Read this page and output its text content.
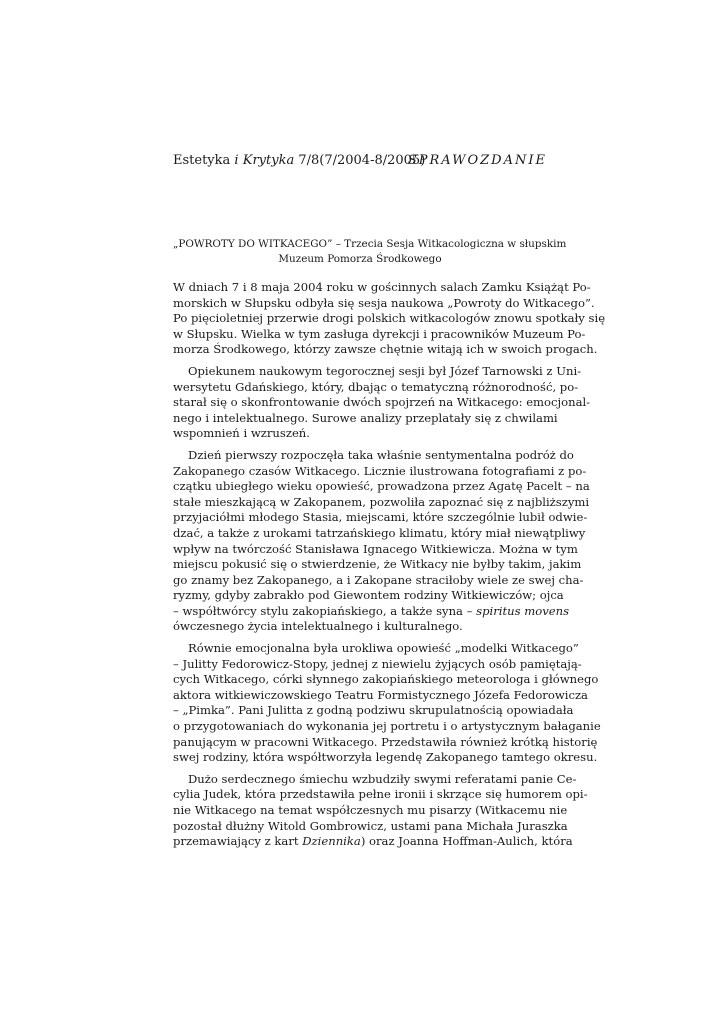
Estetyka i Krytyka 7/8(7/2004-8/2005)
SPRAWOZDANIE
„POWROTY DO WITKACEGO” – Trzecia Sesja Witkacologiczna w słupskim
Muzeum Pomorza Środkowego

W dniach 7 i 8 maja 2004 roku w gościnnych salach Zamku Książąt Po-
morskich w Słupsku odbyła się sesja naukowa „Powroty do Witkacego”.
Po pięcioletniej przerwie drogi polskich witkacologów znowu spotkały się
w Słupsku. Wielka w tym zasługa dyrekcji i pracowników Muzeum Po-
morza Środkowego, którzy zawsze chętnie witają ich w swoich progach.

Opiekunem naukowym tegorocznej sesji był Józef Tarnowski z Uni-
wersytetu Gdańskiego, który, dbając o tematyczną różnorodność, po-
starał się o skonfrontowanie dwóch spojrzeń na Witkacego: emocjonal-
nego i intelektualnego. Surowe analizy przeplatały się z chwilami
wspomnień i wzruszeń.

Dzień pierwszy rozpoczęła taka właśnie sentymentalna podróż do
Zakopanego czasów Witkacego. Licznie ilustrowana fotografiami z po-
czątku ubiegłego wieku opowieść, prowadzona przez Agatę Pacelt – na
stałe mieszkającą w Zakopanem, pozwoliła zapoznać się z najbliższymi
przyjaciółmi młodego Stasia, miejscami, które szczególnie lubił odwie-
dzać, a także z urokami tatrzańskiego klimatu, który miał niewątpliwy
wpływ na twórczość Stanisława Ignacego Witkiewicza. Można w tym
miejscu pokusić się o stwierdzenie, że Witkacy nie byłby takim, jakim
go znamy bez Zakopanego, a i Zakopane straciłoby wiele ze swej cha-
ryzmy, gdyby zabrakło pod Giewontem rodziny Witkiewiczów; ojca
– współtwórcy stylu zakopiańskiego, a także syna – spiritus movens
ówczesnego życia intelektualnego i kulturalnego.

Równie emocjonalna była urokliwa opowieść „modelki Witkacego”
– Julitty Fedorowicz-Stopy, jednej z niewielu żyjących osób pamiętają-
cych Witkacego, córki słynnego zakopiańskiego meteorologa i głównego
aktora witkiewiczowskiego Teatru Formistycznego Józefa Fedorowicza
– „Pimka”. Pani Julitta z godną podziwu skrupulatnością opowiadała
o przygotowaniach do wykonania jej portretu i o artystycznym bałaganie
panującym w pracowni Witkacego. Przedstawiła również krótką historię
swej rodziny, która współtworzyła legendę Zakopanego tamtego okresu.

Dużo serdecznego śmiechu wzbudziły swymi referatami panie Ce-
cylia Judek, która przedstawiła pełne ironii i skrzące się humorem opi-
nie Witkacego na temat współczesnych mu pisarzy (Witkacemu nie
pozostał dłużny Witold Gombrowicz, ustami pana Michała Juraszka
przemawiający z kart Dziennika) oraz Joanna Hoffman-Aulich, która
